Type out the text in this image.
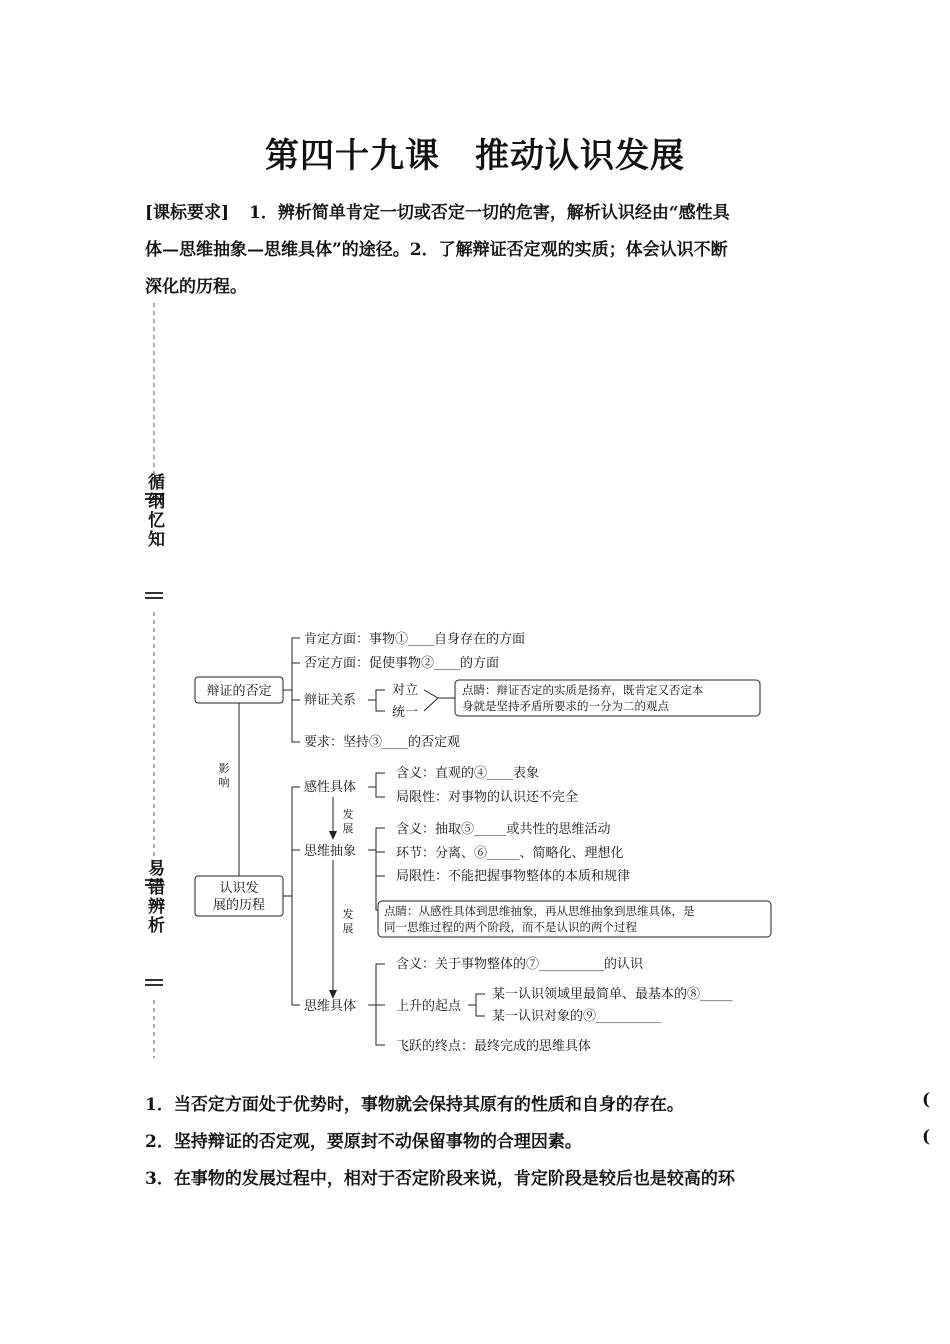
第四十九课　推动认识发展
[课标要求] 1．辨析简单肯定一切或否定一切的危害，解析认识经由“感性具
体—思维抽象—思维具体”的途径。2．了解辩证否定观的实质；体会认识不断
深化的历程。
循纲忆知
易错辨析
辩证的否定
肯定方面：事物①____自身存在的方面
否定方面：促使事物②____的方面
辩证关系
对立
统一
点睛：辩证否定的实质是扬弃，既肯定又否定本
身就是坚持矛盾所要求的一分为二的观点
要求：坚持③____的否定观
影
响
认识发
展的历程
感性具体
含义：直观的④____表象
局限性：对事物的认识还不完全
发
展
思维抽象
含义：抽取⑤_____或共性的思维活动
环节：分离、⑥_____、简略化、理想化
局限性：不能把握事物整体的本质和规律
发
展
点睛：从感性具体到思维抽象，再从思维抽象到思维具体，是
同一思维过程的两个阶段，而不是认识的两个过程
思维具体
含义：关于事物整体的⑦__________的认识
上升的起点
某一认识领域里最简单、最基本的⑧_____
某一认识对象的⑨__________
飞跃的终点：最终完成的思维具体
1．当否定方面处于优势时，事物就会保持其原有的性质和自身的存在。	(
2．坚持辩证的否定观，要原封不动保留事物的合理因素。	(
3．在事物的发展过程中，相对于否定阶段来说，肯定阶段是较后也是较高的环
